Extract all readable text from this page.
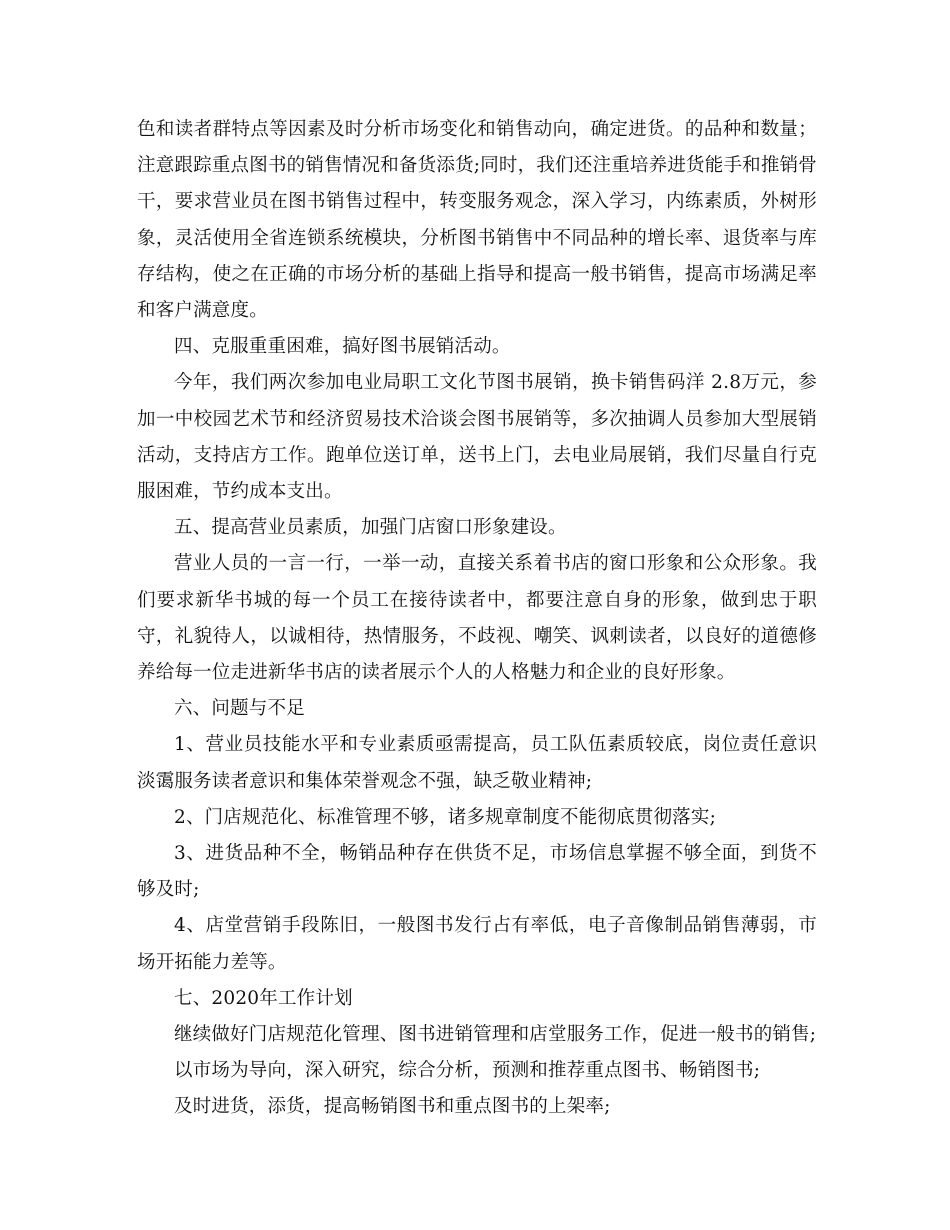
色和读者群特点等因素及时分析市场变化和销售动向，确定进货。的品种和数量；注意跟踪重点图书的销售情况和备货添货;同时，我们还注重培养进货能手和推销骨干，要求营业员在图书销售过程中，转变服务观念，深入学习，内练素质，外树形象，灵活使用全省连锁系统模块，分析图书销售中不同品种的增长率、退货率与库存结构，使之在正确的市场分析的基础上指导和提高一般书销售，提高市场满足率和客户满意度。

四、克服重重困难，搞好图书展销活动。

今年，我们两次参加电业局职工文化节图书展销，换卡销售码洋 2.8万元，参加一中校园艺术节和经济贸易技术洽谈会图书展销等，多次抽调人员参加大型展销活动，支持店方工作。跑单位送订单，送书上门，去电业局展销，我们尽量自行克服困难，节约成本支出。

五、提高营业员素质，加强门店窗口形象建设。

营业人员的一言一行，一举一动，直接关系着书店的窗口形象和公众形象。我们要求新华书城的每一个员工在接待读者中，都要注意自身的形象，做到忠于职守，礼貌待人，以诚相待，热情服务，不歧视、嘲笑、讽刺读者，以良好的道德修养给每一位走进新华书店的读者展示个人的人格魅力和企业的良好形象。

六、问题与不足

1、营业员技能水平和专业素质亟需提高，员工队伍素质较底，岗位责任意识淡霭服务读者意识和集体荣誉观念不强，缺乏敬业精神;

2、门店规范化、标准管理不够，诸多规章制度不能彻底贯彻落实;

3、进货品种不全，畅销品种存在供货不足，市场信息掌握不够全面，到货不够及时;

4、店堂营销手段陈旧，一般图书发行占有率低，电子音像制品销售薄弱，市场开拓能力差等。

七、2020年工作计划

继续做好门店规范化管理、图书进销管理和店堂服务工作，促进一般书的销售;

以市场为导向，深入研究，综合分析，预测和推荐重点图书、畅销图书;

及时进货，添货，提高畅销图书和重点图书的上架率;
